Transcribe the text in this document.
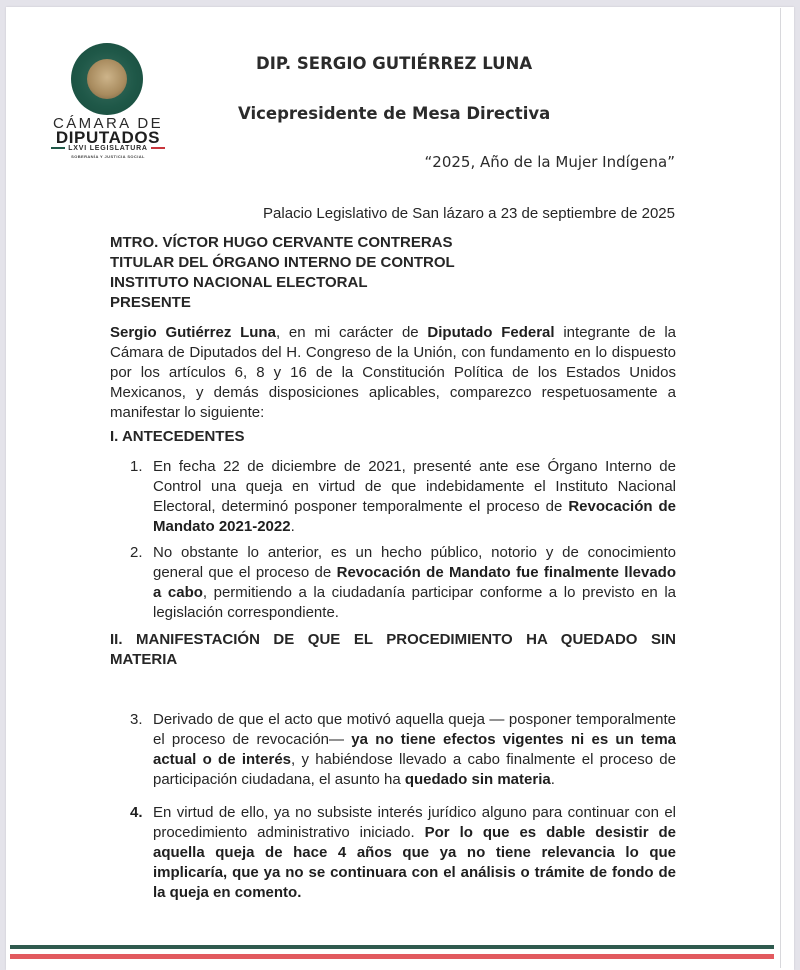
CÁMARA DE
DIPUTADOS
LXVI LEGISLATURA
SOBERANÍA Y JUSTICIA SOCIAL
DIP. SERGIO GUTIÉRREZ LUNA
Vicepresidente de Mesa Directiva
“2025, Año de la Mujer Indígena”
Palacio Legislativo de San lázaro a 23 de septiembre de 2025
MTRO. VÍCTOR HUGO CERVANTE CONTRERAS
TITULAR DEL ÓRGANO INTERNO DE CONTROL
INSTITUTO NACIONAL ELECTORAL
PRESENTE
Sergio Gutiérrez Luna, en mi carácter de Diputado Federal integrante de la Cámara de Diputados del H. Congreso de la Unión, con fundamento en lo dispuesto por los artículos 6, 8 y 16 de la Constitución Política de los Estados Unidos Mexicanos, y demás disposiciones aplicables, comparezco respetuosamente a manifestar lo siguiente:
I. ANTECEDENTES
1. En fecha 22 de diciembre de 2021, presenté ante ese Órgano Interno de Control una queja en virtud de que indebidamente el Instituto Nacional Electoral, determinó posponer temporalmente el proceso de Revocación de Mandato 2021-2022.
2. No obstante lo anterior, es un hecho público, notorio y de conocimiento general que el proceso de Revocación de Mandato fue finalmente llevado a cabo, permitiendo a la ciudadanía participar conforme a lo previsto en la legislación correspondiente.
II. MANIFESTACIÓN DE QUE EL PROCEDIMIENTO HA QUEDADO SIN
MATERIA
3. Derivado de que el acto que motivó aquella queja — posponer temporalmente el proceso de revocación— ya no tiene efectos vigentes ni es un tema actual o de interés, y habiéndose llevado a cabo finalmente el proceso de participación ciudadana, el asunto ha quedado sin materia.
4. En virtud de ello, ya no subsiste interés jurídico alguno para continuar con el procedimiento administrativo iniciado. Por lo que es dable desistir de aquella queja de hace 4 años que ya no tiene relevancia lo que implicaría, que ya no se continuara con el análisis o trámite de fondo de la queja en comento.
